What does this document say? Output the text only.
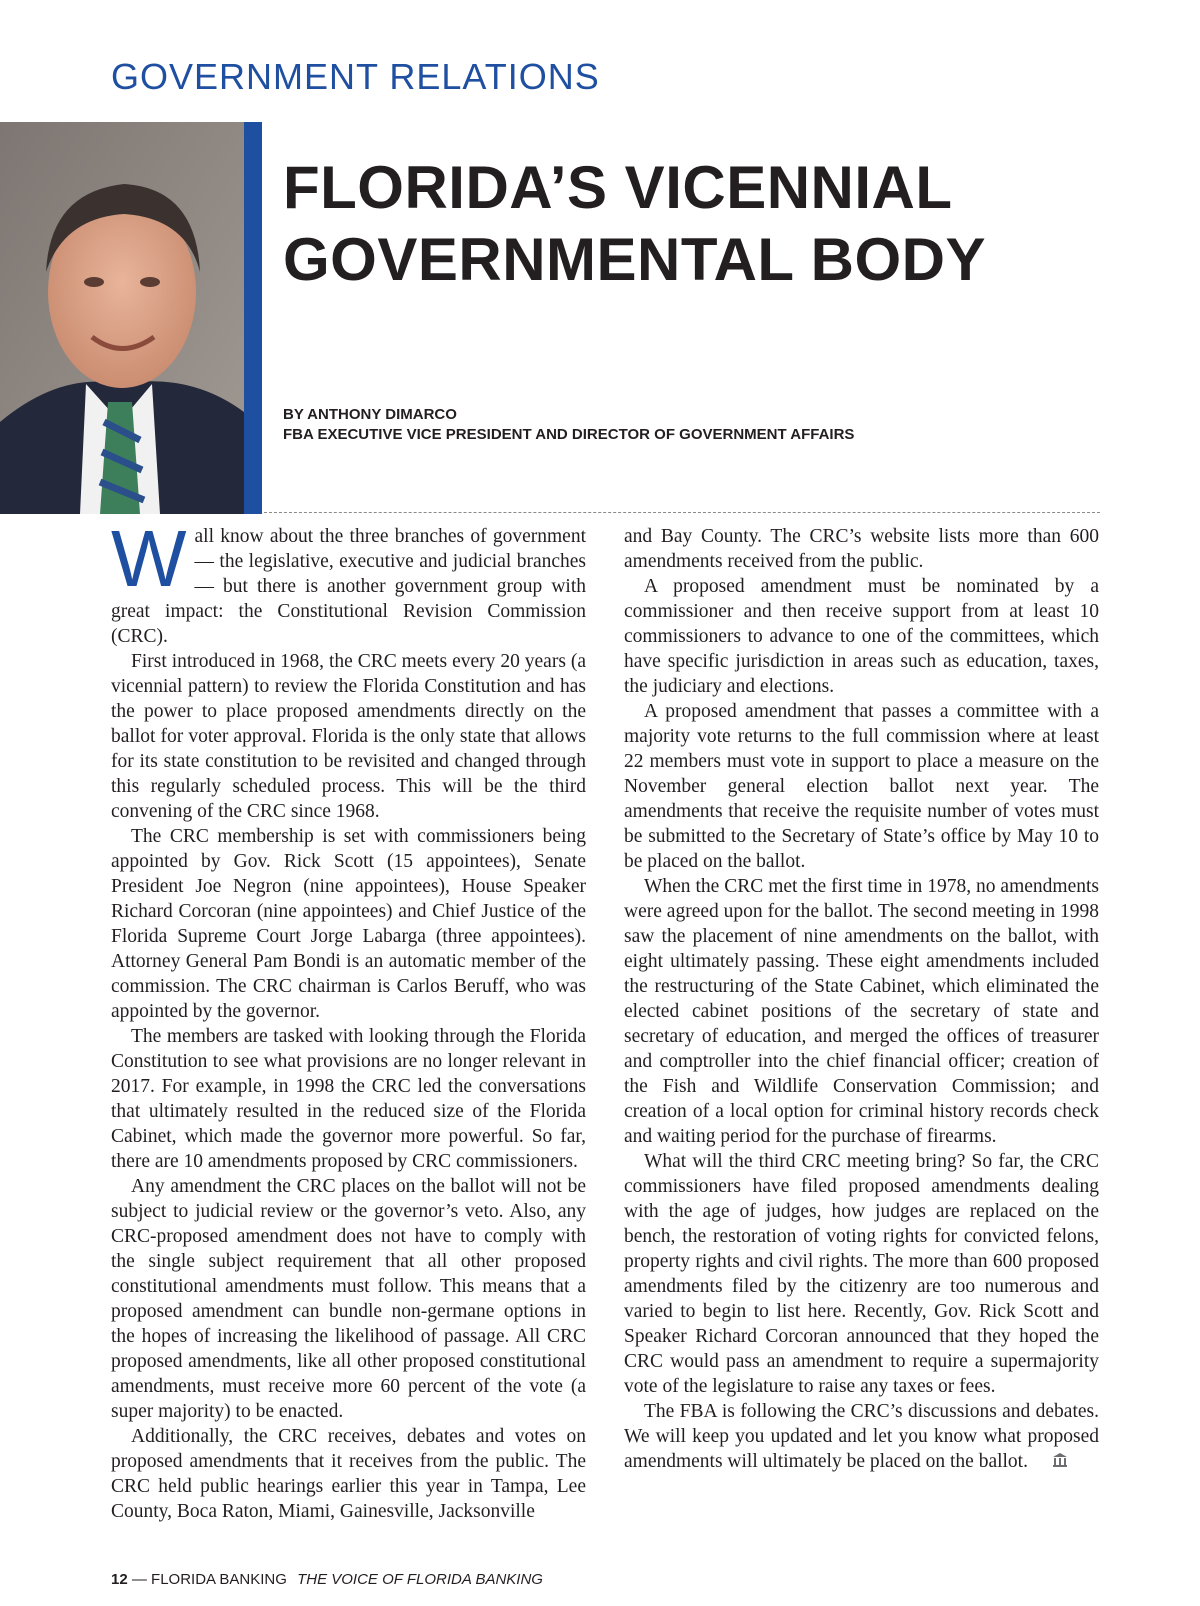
GOVERNMENT RELATIONS
FLORIDA’S VICENNIAL
GOVERNMENTAL BODY
BY ANTHONY DIMARCO
FBA EXECUTIVE VICE PRESIDENT AND DIRECTOR OF GOVERNMENT AFFAIRS

Wall know about the three branches of government — the legislative, executive and judicial branches — but there is another government group with great impact: the Constitutional Revision Commission (CRC).

First introduced in 1968, the CRC meets every 20 years (a vicennial pattern) to review the Florida Constitution and has the power to place proposed amendments directly on the ballot for voter approval. Florida is the only state that allows for its state constitution to be revisited and changed through this regularly scheduled process. This will be the third convening of the CRC since 1968.

The CRC membership is set with commissioners being appointed by Gov. Rick Scott (15 appointees), Senate President Joe Negron (nine appointees), House Speaker Richard Corcoran (nine appointees) and Chief Justice of the Florida Supreme Court Jorge Labarga (three appointees). Attorney General Pam Bondi is an automatic member of the commission. The CRC chairman is Carlos Beruff, who was appointed by the governor.

The members are tasked with looking through the Florida Constitution to see what provisions are no longer relevant in 2017. For example, in 1998 the CRC led the conversations that ultimately resulted in the reduced size of the Florida Cabinet, which made the governor more powerful. So far, there are 10 amendments proposed by CRC commissioners.

Any amendment the CRC places on the ballot will not be subject to judicial review or the governor’s veto. Also, any CRC-proposed amendment does not have to comply with the single subject requirement that all other proposed constitutional amendments must follow. This means that a proposed amendment can bundle non-germane options in the hopes of increasing the likelihood of passage. All CRC proposed amendments, like all other proposed constitutional amendments, must receive more 60 percent of the vote (a super majority) to be enacted.

Additionally, the CRC receives, debates and votes on proposed amendments that it receives from the public. The CRC held public hearings earlier this year in Tampa, Lee County, Boca Raton, Miami, Gainesville, Jacksonville

and Bay County. The CRC’s website lists more than 600 amendments received from the public.

A proposed amendment must be nominated by a commissioner and then receive support from at least 10 commissioners to advance to one of the committees, which have specific jurisdiction in areas such as education, taxes, the judiciary and elections.

A proposed amendment that passes a committee with a majority vote returns to the full commission where at least 22 members must vote in support to place a measure on the November general election ballot next year. The amendments that receive the requisite number of votes must be submitted to the Secretary of State’s office by May 10 to be placed on the ballot.

When the CRC met the first time in 1978, no amendments were agreed upon for the ballot. The second meeting in 1998 saw the placement of nine amendments on the ballot, with eight ultimately passing. These eight amendments included the restructuring of the State Cabinet, which eliminated the elected cabinet positions of the secretary of state and secretary of education, and merged the offices of treasurer and comptroller into the chief financial officer; creation of the Fish and Wildlife Conservation Commission; and creation of a local option for criminal history records check and waiting period for the purchase of firearms.

What will the third CRC meeting bring? So far, the CRC commissioners have filed proposed amendments dealing with the age of judges, how judges are replaced on the bench, the restoration of voting rights for convicted felons, property rights and civil rights. The more than 600 proposed amendments filed by the citizenry are too numerous and varied to begin to list here. Recently, Gov. Rick Scott and Speaker Richard Corcoran announced that they hoped the CRC would pass an amendment to require a supermajority vote of the legislature to raise any taxes or fees.

The FBA is following the CRC’s discussions and debates. We will keep you updated and let you know what proposed amendments will ultimately be placed on the ballot.

12 — FLORIDA BANKING THE VOICE OF FLORIDA BANKING
